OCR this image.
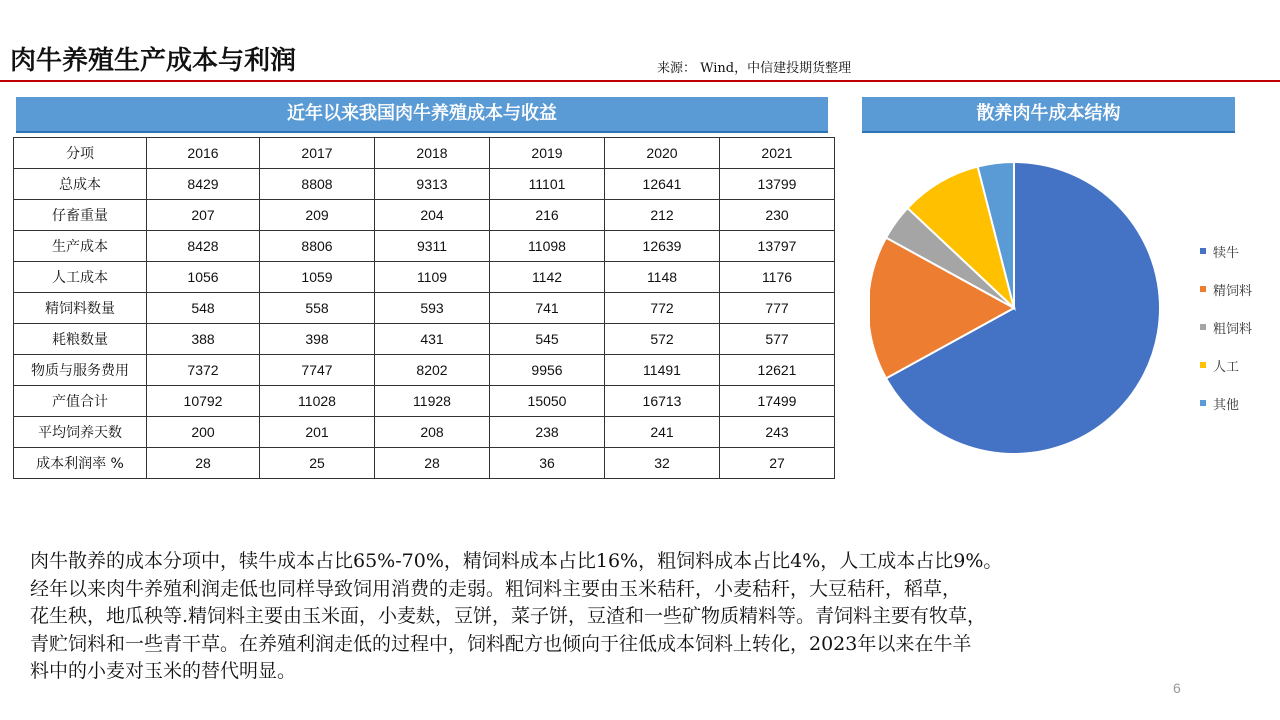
肉牛养殖生产成本与利润	来源： Wind，中信建投期货整理
近年以来我国肉牛养殖成本与收益	散养肉牛成本结构
分项	2016	2017	2018	2019	2020	2021
总成本	8429	8808	9313	11101	12641	13799
仔畜重量	207	209	204	216	212	230
生产成本	8428	8806	9311	11098	12639	13797
人工成本	1056	1059	1109	1142	1148	1176
精饲料数量	548	558	593	741	772	777
耗粮数量	388	398	431	545	572	577
物质与服务费用	7372	7747	8202	9956	11491	12621
产值合计	10792	11028	11928	15050	16713	17499
平均饲养天数	200	201	208	238	241	243
成本利润率 %	28	25	28	36	32	27
犊牛
精饲料
粗饲料
人工
其他
肉牛散养的成本分项中，犊牛成本占比65%-70%，精饲料成本占比16%，粗饲料成本占比4%，人工成本占比9%。
经年以来肉牛养殖利润走低也同样导致饲用消费的走弱。粗饲料主要由玉米秸秆，小麦秸秆，大豆秸秆，稻草，
花生秧，地瓜秧等.精饲料主要由玉米面，小麦麸，豆饼，菜子饼，豆渣和一些矿物质精料等。青饲料主要有牧草，
青贮饲料和一些青干草。在养殖利润走低的过程中，饲料配方也倾向于往低成本饲料上转化，2023年以来在牛羊
料中的小麦对玉米的替代明显。
6
